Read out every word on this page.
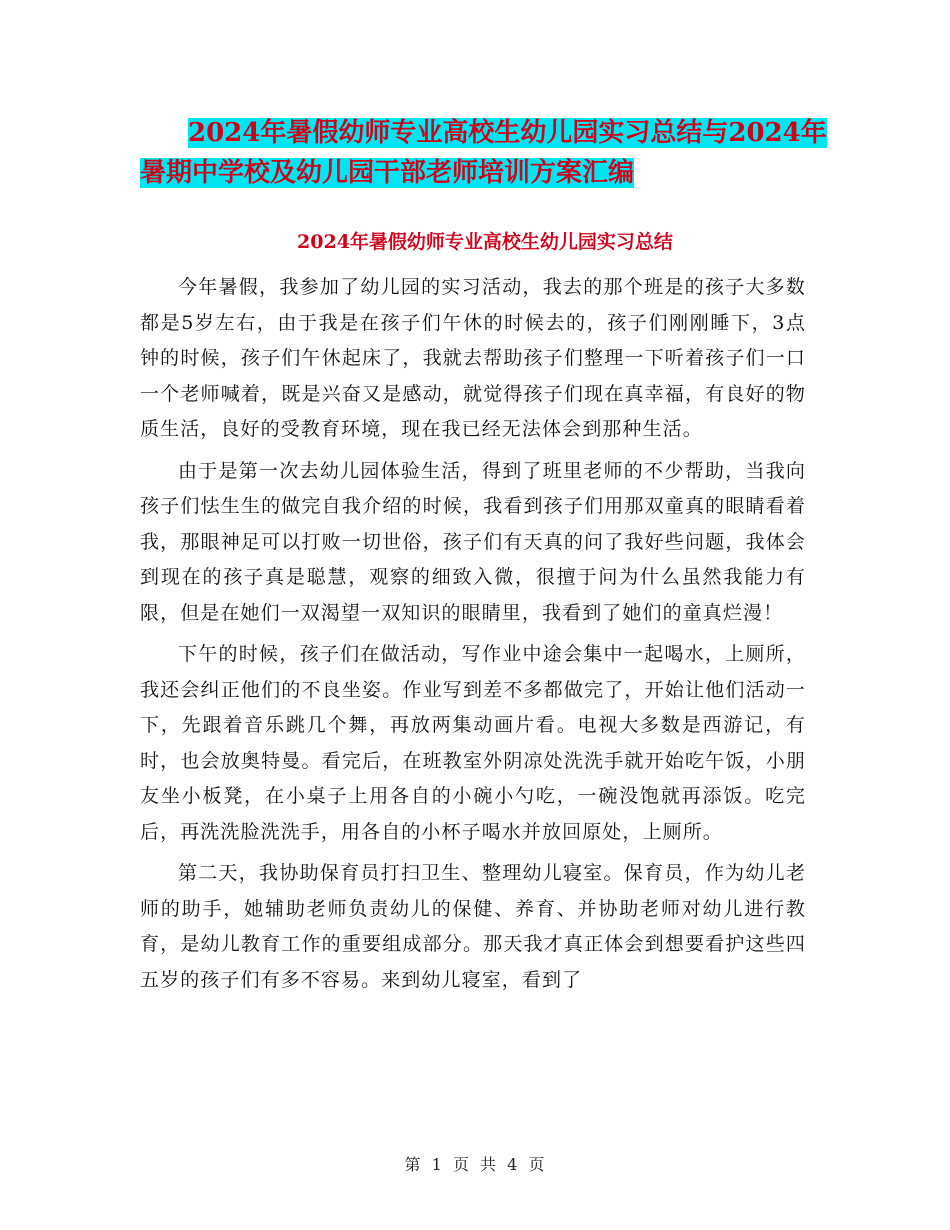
2024年暑假幼师专业高校生幼儿园实习总结与2024年
暑期中学校及幼儿园干部老师培训方案汇编
2024年暑假幼师专业高校生幼儿园实习总结

今年暑假，我参加了幼儿园的实习活动，我去的那个班是的孩子大多数都是5岁左右，由于我是在孩子们午休的时候去的，孩子们刚刚睡下，3点钟的时候，孩子们午休起床了，我就去帮助孩子们整理一下听着孩子们一口一个老师喊着，既是兴奋又是感动，就觉得孩子们现在真幸福，有良好的物质生活，良好的受教育环境，现在我已经无法体会到那种生活。

由于是第一次去幼儿园体验生活，得到了班里老师的不少帮助，当我向孩子们怯生生的做完自我介绍的时候，我看到孩子们用那双童真的眼睛看着我，那眼神足可以打败一切世俗，孩子们有天真的问了我好些问题，我体会到现在的孩子真是聪慧，观察的细致入微，很擅于问为什么虽然我能力有限，但是在她们一双渴望一双知识的眼睛里，我看到了她们的童真烂漫！

下午的时候，孩子们在做活动，写作业中途会集中一起喝水，上厕所，我还会纠正他们的不良坐姿。作业写到差不多都做完了，开始让他们活动一下，先跟着音乐跳几个舞，再放两集动画片看。电视大多数是西游记，有时，也会放奥特曼。看完后，在班教室外阴凉处洗洗手就开始吃午饭，小朋友坐小板凳，在小桌子上用各自的小碗小勺吃，一碗没饱就再添饭。吃完后，再洗洗脸洗洗手，用各自的小杯子喝水并放回原处，上厕所。

第二天，我协助保育员打扫卫生、整理幼儿寝室。保育员，作为幼儿老师的助手，她辅助老师负责幼儿的保健、养育、并协助老师对幼儿进行教育，是幼儿教育工作的重要组成部分。那天我才真正体会到想要看护这些四五岁的孩子们有多不容易。来到幼儿寝室，看到了

第 1 页 共 4 页
